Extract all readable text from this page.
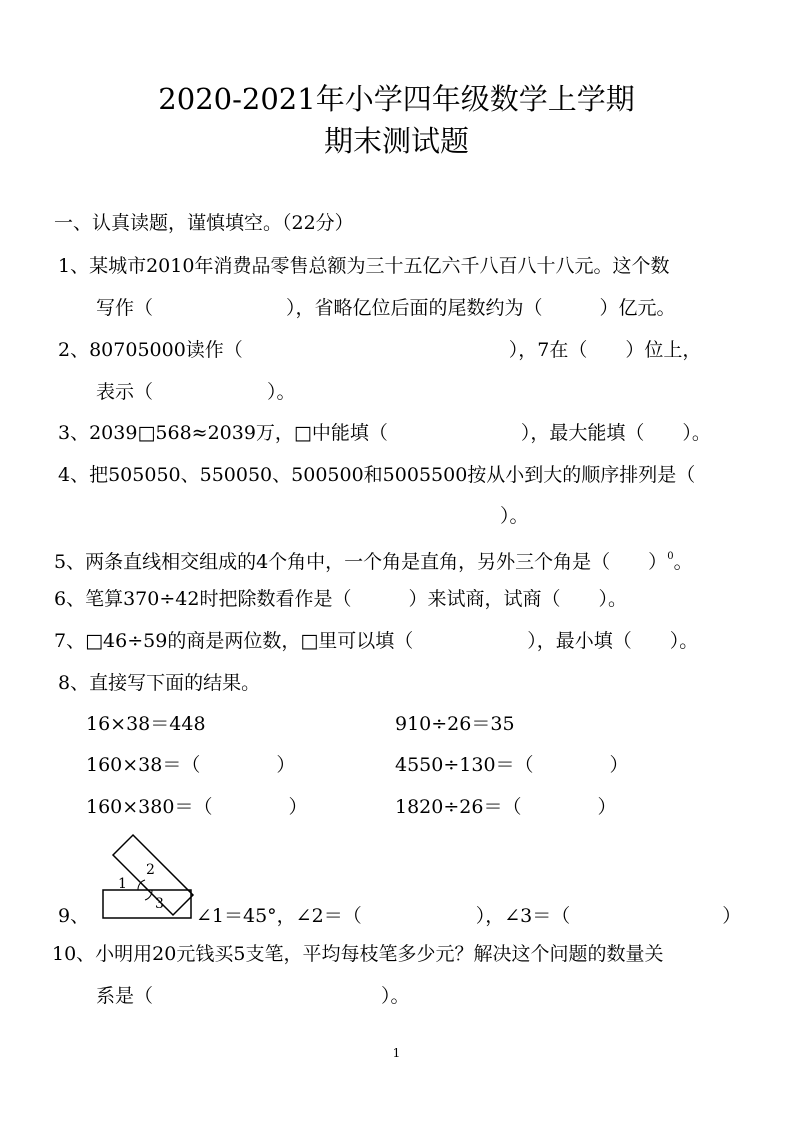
2020-2021年小学四年级数学上学期
期末测试题
一、认真读题，谨慎填空。（22分）
1、某城市2010年消费品零售总额为三十五亿六千八百八十八元。这个数
写作（　　　　　　　），省略亿位后面的尾数约为（　　　）亿元。
2、80705000读作（　　　　　　　　　　　　　　），7在（　　）位上，
表示（　　　　　　）。
3、2039□568≈2039万，□中能填（　　　　　　　），最大能填（　　）。
4、把505050、550050、500500和5005500按从小到大的顺序排列是（
）。
5、两条直线相交组成的4个角中，一个角是直角，另外三个角是（　　）$^0$。
6、笔算370÷42时把除数看作是（　　　）来试商，试商（　　）。
7、□46÷59的商是两位数，□里可以填（　　　　　　），最小填（　　）。
8、直接写下面的结果。
16×38＝448	910÷26＝35
160×38＝（　　　　）	4550÷130＝（　　　　）
160×380＝（　　　　）	1820÷26＝（　　　　）
1
2
3
9、	∠1＝45°，∠2＝（　　　　　　），∠3＝（　　　　　　　　）
10、小明用20元钱买5支笔，平均每枝笔多少元？解决这个问题的数量关
系是（　　　　　　　　　　　　）。
1
